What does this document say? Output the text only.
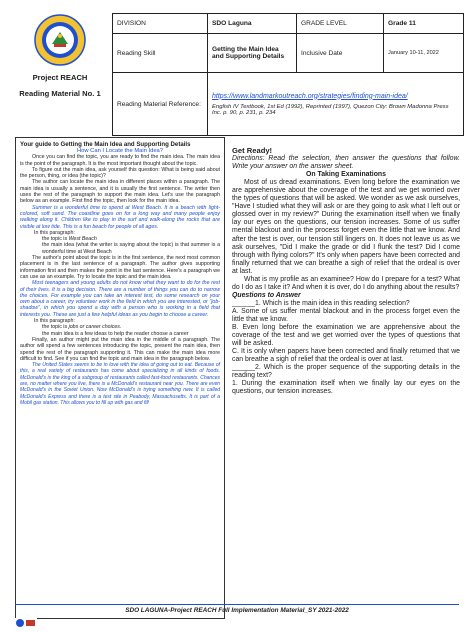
Project REACH
Reading Material No. 1
DIVISION	SDO Laguna	GRADE LEVEL	Grade 11
Reading Skill	Getting the Main Idea and Supporting Details	Inclusive Date	January 10-11, 2022
Reading Material Reference:	https://www.landmarkoutreach.org/strategies/finding-main-idea/
English IV Textbook, 1st Ed (1992), Reprinted (1997), Quezon City: Brown Madonna Press Inc. p. 90, p. 231, p. 234		

Your guide to Getting the Main Idea and Supporting Details

How Can I Locate the Main Idea?

Once you can find the topic, you are ready to find the main idea. The main idea is the point of the paragraph. It is the most important thought about the topic.

To figure out the main idea, ask yourself this question: What is being said about the person, thing, or idea (the topic)?

The author can locate the main idea in different places within a paragraph. The main idea is usually a sentence, and it is usually the first sentence. The writer then uses the rest of the paragraph to support the main idea. Let's use the paragraph below as an example. First find the topic, then look for the main idea.

Summer is a wonderful time to spend at West Beach. It is a beach with light- colored, soft sand. The coastline goes on for a long way and many people enjoy walking along it. Children like to play in the surf and walk-along the rocks that are visible at low tide. This is a fun beach for people of all ages.

In this paragraph:

the topic is West Beach

the main idea (what the writer is saying about the topic) is that summer is a wonderful time at West Beach

The author's point about the topic is in the first sentence, the next most common placement is in the last sentence of a paragraph. The author gives supporting information first and then makes the point in the last sentence. Here's a paragraph we can use as an example. Try to locate the topic and the main idea.

Most teenagers and young adults do not know what they want to do for the rest of their lives. It is a big decision. There are a number of things you can do to narrow the choices. For example you can take an interest test, do some research on your own about a career, try volunteer work in the field in which you are interested, or "job-shadow", in which you spend a day with a person who is working in a field that interests you. These are just a few helpful ideas as you begin to choose a career.

In this paragraph:

the topic is jobs or career choices.

the main idea is a few ideas to help the reader choose a career

Finally, an author might put the main idea in the middle of a paragraph. The author will spend a few sentences introducing the topic, present the main idea, then spend the rest of the paragraph supporting it. This can make the main idea more difficult to find. See if you can find the topic and main idea in the paragraph below.

The United States seems to be in love with the idea of going out to eat. Because of this, a real variety of restaurants has come about specializing in all kinds of foods. McDonald's is the king of a subgroup of restaurants called fast-food restaurants. Chances are, no matter where you live, there is a McDonald's restaurant near you. There are even McDonald's in the Soviet Union. Now McDonald's is trying something new. It is called McDonald's Express and there is a test site in Peabody, Massachusetts. It is part of a Mobil gas station. This allows you to fill up with gas and fill

Get Ready!

Directions: Read the selection, then answer the questions that follow. Write your answer on the answer sheet.

On Taking Examinations

Most of us dread examinations. Even long before the examination we are apprehensive about the coverage of the test and we get worried over the types of questions that will be asked. We wonder as we ask ourselves, "Have I studied what they will ask or are they going to ask what I left out or glossed over in my review?" During the examination itself when we finally lay our eyes on the questions, our tension increases. Some of us suffer mental blackout and in the process forget even the little that we know. And after the test is over, our tension still lingers on. It does not leave us as we ask ourselves, "Did I make the grade or did I flunk the test? Did I come through with flying colors?" It's only when papers have been corrected and finally returned that we can breathe a sigh of relief that the ordeal is over at last.

What is my profile as an examinee? How do I prepare for a test? What do I do as I take it? And when it is over, do I do anything about the results?

Questions to Answer

______1. Which is the main idea in this reading selection?

A. Some of us suffer mental blackout and in the process forget even the little that we know.

B. Even long before the examination we are apprehensive about the coverage of the test and we get worried over the types of questions that will be asked.

C. It is only when papers have been corrected and finally returned that we can breathe a sigh of relief that the ordeal is over at last.

______2. Which is the proper sequence of the supporting details in the reading text?

1. During the examination itself when we finally lay our eyes on the questions, our tension increases.

SDO LAGUNA-Project REACH Full Implementation Material_SY 2021-2022
